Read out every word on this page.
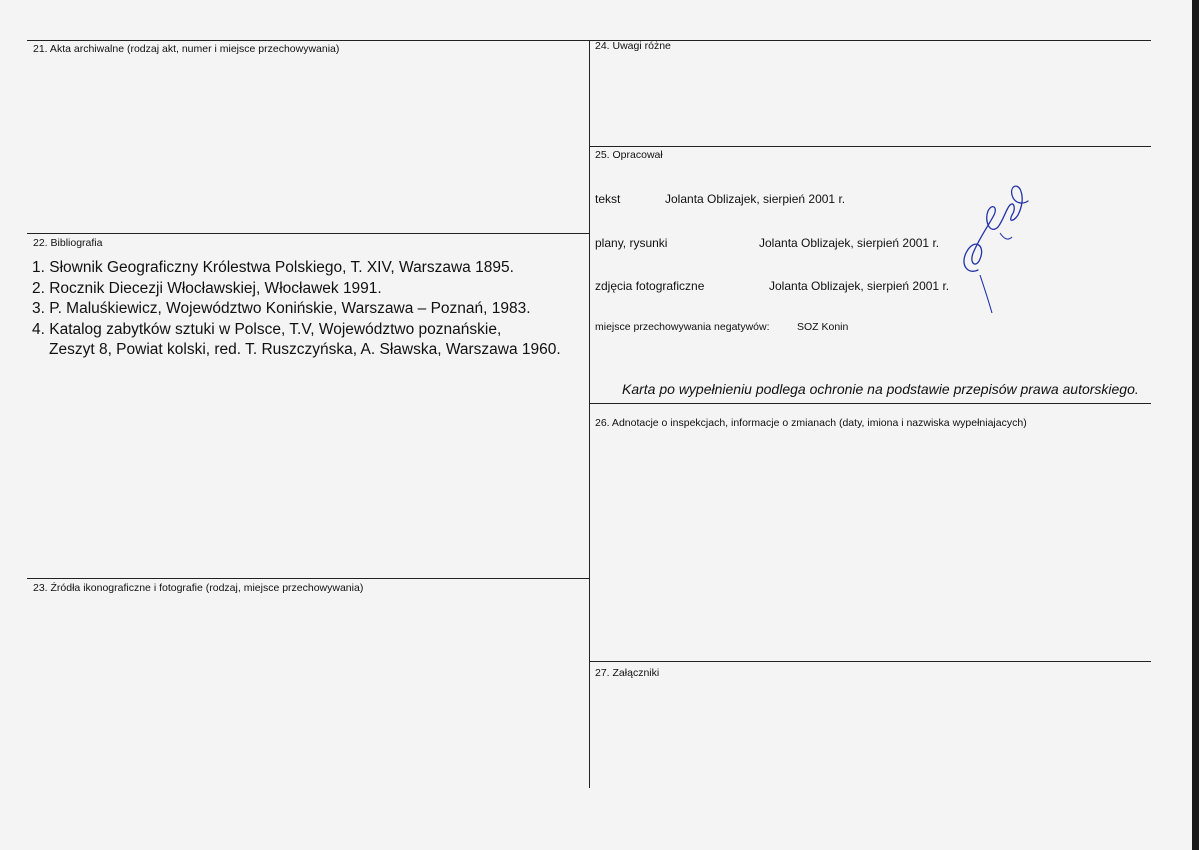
21. Akta archiwalne (rodzaj akt, numer i miejsce przechowywania)
22. Bibliografia
1. Słownik Geograficzny Królestwa Polskiego, T. XIV, Warszawa 1895.
2. Rocznik Diecezji Włocławskiej, Włocławek 1991.
3. P. Maluśkiewicz, Województwo Konińskie, Warszawa – Poznań, 1983.
4. Katalog zabytków sztuki w Polsce, T.V, Województwo poznańskie,
Zeszyt 8, Powiat kolski, red. T. Ruszczyńska, A. Sławska, Warszawa 1960.
23. Źródła ikonograficzne i fotografie (rodzaj, miejsce przechowywania)
24. Uwagi różne
25. Opracował
tekst	Jolanta Oblizajek, sierpień 2001 r.
plany, rysunki	Jolanta Oblizajek, sierpień 2001 r.
zdjęcia fotograficzne	Jolanta Oblizajek, sierpień 2001 r.
miejsce przechowywania negatywów:	SOZ Konin
Karta po wypełnieniu podlega ochronie na podstawie przepisów prawa autorskiego.
26. Adnotacje o inspekcjach, informacje o zmianach (daty, imiona i nazwiska wypełniajacych)
27. Załączniki
